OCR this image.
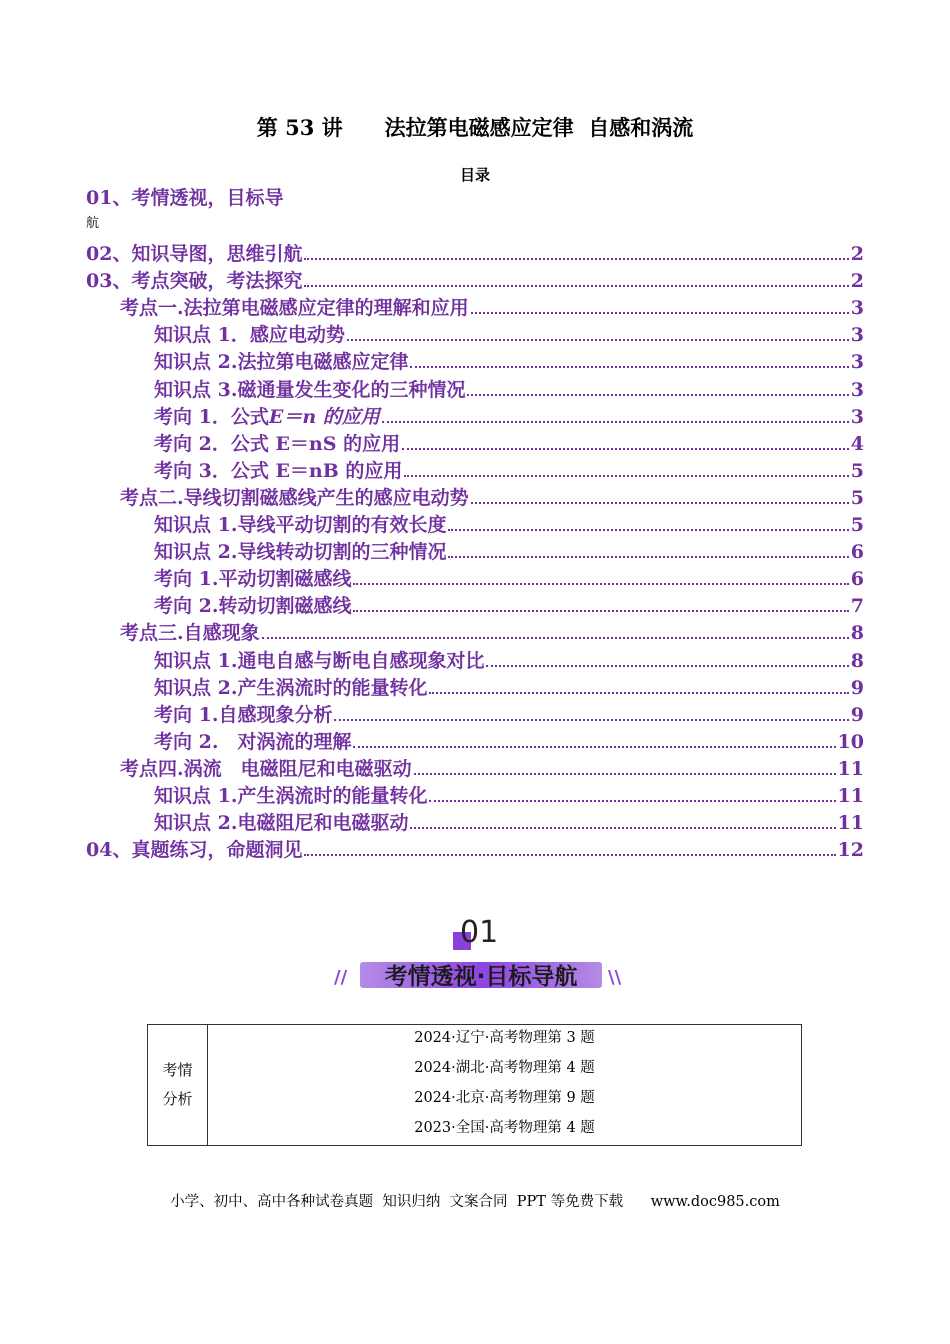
第 53 讲　　法拉第电磁感应定律  自感和涡流
目录
01、考情透视，目标导
航
02、知识导图，思维引航	2
03、考点突破，考法探究	2
考点一.法拉第电磁感应定律的理解和应用	3
知识点 1．感应电动势	3
知识点 2.法拉第电磁感应定律	3
知识点 3.磁通量发生变化的三种情况	3
考向 1．公式 E＝n 的应用	3
考向 2．公式 E＝nS 的应用	4
考向 3．公式 E＝nB 的应用	5
考点二.导线切割磁感线产生的感应电动势	5
知识点 1.导线平动切割的有效长度	5
知识点 2.导线转动切割的三种情况	6
考向 1.平动切割磁感线	6
考向 2.转动切割磁感线	7
考点三.自感现象	8
知识点 1.通电自感与断电自感现象对比	8
知识点 2.产生涡流时的能量转化	9
考向 1.自感现象分析	9
考向 2.　对涡流的理解	10
考点四.涡流　电磁阻尼和电磁驱动	11
知识点 1.产生涡流时的能量转化	11
知识点 2.电磁阻尼和电磁驱动	11
04、真题练习，命题洞见	12
01
//	考情透视·目标导航	\\
考情
分析
2024·辽宁·高考物理第 3 题
2024·湖北·高考物理第 4 题
2024·北京·高考物理第 9 题
2023·全国·高考物理第 4 题
小学、初中、高中各种试卷真题  知识归纳  文案合同  PPT 等免费下载      www.doc985.com
